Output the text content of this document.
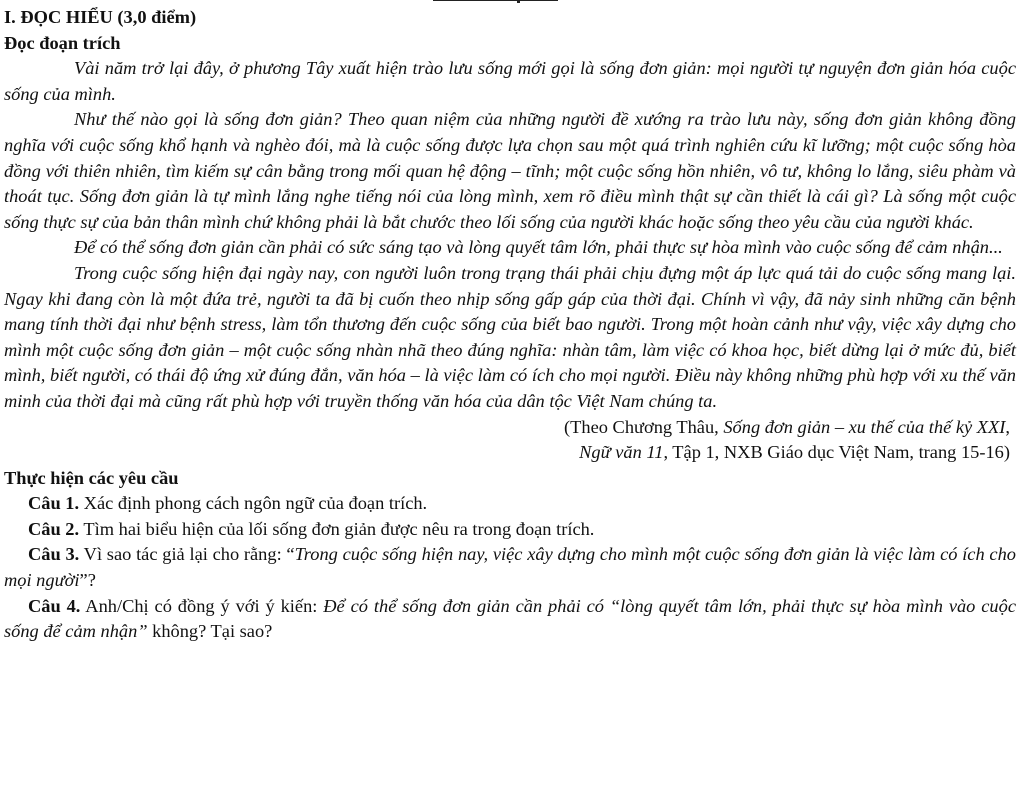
I. ĐỌC HIỂU (3,0 điểm)

Đọc đoạn trích

Vài năm trở lại đây, ở phương Tây xuất hiện trào lưu sống mới gọi là sống đơn giản: mọi người tự nguyện đơn giản hóa cuộc sống của mình.

Như thế nào gọi là sống đơn giản? Theo quan niệm của những người đề xướng ra trào lưu này, sống đơn giản không đồng nghĩa với cuộc sống khổ hạnh và nghèo đói, mà là cuộc sống được lựa chọn sau một quá trình nghiên cứu kĩ lưỡng; một cuộc sống hòa đồng với thiên nhiên, tìm kiếm sự cân bằng trong mối quan hệ động – tĩnh; một cuộc sống hồn nhiên, vô tư, không lo lắng, siêu phàm và thoát tục. Sống đơn giản là tự mình lắng nghe tiếng nói của lòng mình, xem rõ điều mình thật sự cần thiết là cái gì? Là sống một cuộc sống thực sự của bản thân mình chứ không phải là bắt chước theo lối sống của người khác hoặc sống theo yêu cầu của người khác.

Để có thể sống đơn giản cần phải có sức sáng tạo và lòng quyết tâm lớn, phải thực sự hòa mình vào cuộc sống để cảm nhận...

Trong cuộc sống hiện đại ngày nay, con người luôn trong trạng thái phải chịu đựng một áp lực quá tải do cuộc sống mang lại. Ngay khi đang còn là một đứa trẻ, người ta đã bị cuốn theo nhịp sống gấp gáp của thời đại. Chính vì vậy, đã nảy sinh những căn bệnh mang tính thời đại như bệnh stress, làm tổn thương đến cuộc sống của biết bao người. Trong một hoàn cảnh như vậy, việc xây dựng cho mình một cuộc sống đơn giản – một cuộc sống nhàn nhã theo đúng nghĩa: nhàn tâm, làm việc có khoa học, biết dừng lại ở mức đủ, biết mình, biết người, có thái độ ứng xử đúng đắn, văn hóa – là việc làm có ích cho mọi người. Điều này không những phù hợp với xu thế văn minh của thời đại mà cũng rất phù hợp với truyền thống văn hóa của dân tộc Việt Nam chúng ta.

(Theo Chương Thâu, Sống đơn giản – xu thế của thế kỷ XXI,

Ngữ văn 11, Tập 1, NXB Giáo dục Việt Nam, trang 15-16)

Thực hiện các yêu cầu

Câu 1. Xác định phong cách ngôn ngữ của đoạn trích.

Câu 2. Tìm hai biểu hiện của lối sống đơn giản được nêu ra trong đoạn trích.

Câu 3. Vì sao tác giả lại cho rằng: “Trong cuộc sống hiện nay, việc xây dựng cho mình một cuộc sống đơn giản là việc làm có ích cho mọi người”?

Câu 4. Anh/Chị có đồng ý với ý kiến: Để có thể sống đơn giản cần phải có “lòng quyết tâm lớn, phải thực sự hòa mình vào cuộc sống để cảm nhận” không? Tại sao?
